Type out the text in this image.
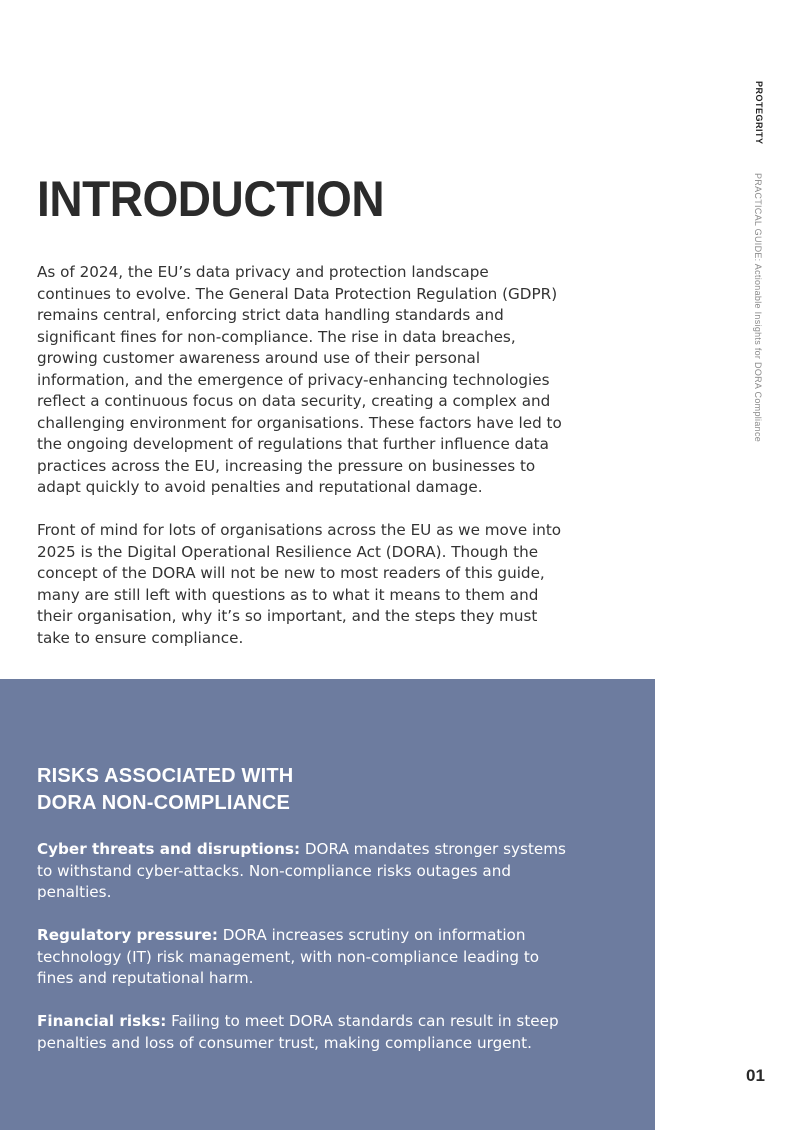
PROTEGRITY
PRACTICAL GUIDE: Actionable Insights for DORA Compliance
INTRODUCTION

As of 2024, the EU’s data privacy and protection landscape continues to evolve. The General Data Protection Regulation (GDPR) remains central, enforcing strict data handling standards and significant fines for non-compliance. The rise in data breaches, growing customer awareness around use of their personal information, and the emergence of privacy-enhancing technologies reflect a continuous focus on data security, creating a complex and challenging environment for organisations. These factors have led to the ongoing development of regulations that further influence data practices across the EU, increasing the pressure on businesses to adapt quickly to avoid penalties and reputational damage.

Front of mind for lots of organisations across the EU as we move into 2025 is the Digital Operational Resilience Act (DORA). Though the concept of the DORA will not be new to most readers of this guide, many are still left with questions as to what it means to them and their organisation, why it’s so important, and the steps they must take to ensure compliance.

RISKS ASSOCIATED WITH
DORA NON-COMPLIANCE

Cyber threats and disruptions: DORA mandates stronger systems to withstand cyber-attacks. Non-compliance risks outages and penalties.

Regulatory pressure: DORA increases scrutiny on information technology (IT) risk management, with non-compliance leading to fines and reputational harm.

Financial risks: Failing to meet DORA standards can result in steep penalties and loss of consumer trust, making compliance urgent.

01
